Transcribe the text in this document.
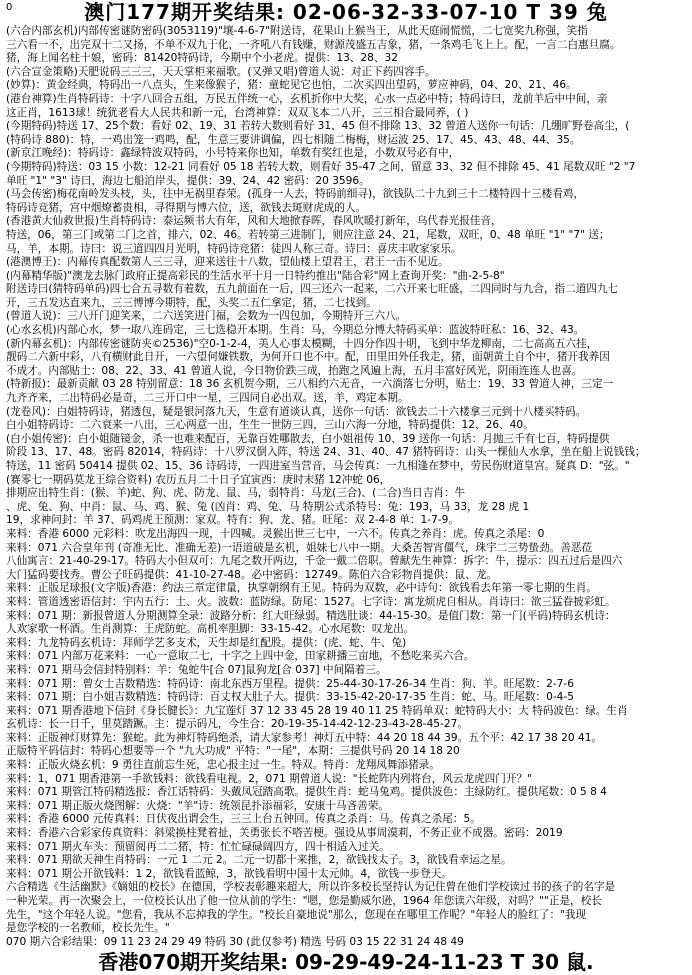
0	澳门177期开奖结果: 02-06-32-33-07-10 T 39 兔
(六合内部玄机)内部传密谜防密码(3053119)"壤-4-6-7"附送诗，花果山上猴当王，从此天庭闹慌慌，二七宽奖九称强，笑指
三六看一不，出完双十二又扬，不单不双九于化，一齐吼八有钱赚，财源茂盛五吉象，猪，一条鸡毛飞上上。配，一言二白惠旦腐。
猪，海上闻名柱十娘，密码：81420特码诗，今期中个小老虎。提供：13、28、32
(六合宣金策略)天肥说码三三三，天天掌柜来福歌。(又弹又唱)曾道人说：对正下药四容手。
(妙算)：黄金经典，特码出一八点头，生来像猴子，猪：童蛇见它也怕，二次买四出望码，萝应神码，04、20、21、46。
(港台神算)生肖特码诗：十字八回合五组，万民五伴统一心，玄机折你中大奖，心水一点必中特；特码诗曰，龙前羊后中中间，亲
这正肖，1613球！统犹老看大人民共和新一元，台湾神算：双双飞本二八开，三三相合最同养，( )
(今期特码)特送 17、25个数：看好 02、19、31 若转大数则看好 31、45 但不排除 13、32 曾道人送你一句话：几绷旷野卷高尘，(
(特码诗 880)：特，一鸡出笼一鸡鸣，配，生意三要讲调偏，四七相随二梅梅，财运波 25、17、45、43、48、44、35。
(新京江晚经)：特码诗：鑫绿特波双特码，小号特来你也知，单数有奖红也是，小数双号必有中，
(今期特码)特送：03 15 小数：12-21 同看好 05 18 若转大数，则看好 35-47 之间，留意 33、32 但不排除 45、41 尾数双旺 "2 "7
单旺 "1" "3" 诗曰，海边七船泊岸头，提供：39、24、42 密码：20 3596。
(马会传密)梅花南岭发头枝，头，往中无祸里春荣。(孤身一人去，特码前细寻)，欲钱队二十九到三十二楼特四十三楼看鸡，
特码诗竞猪，宫中烟燎蓄贵相，寻得期与博六位，送，欲钱去斑财虎成的人。
(香港黄大仙救世报)生肖特码诗：泰运频书大有年，风和大地掀春晖，春风吹暖打新年，乌代春光报佳音，
特送，06，第三门或第二门之首，排六，02、46。若转第三进制门，则应注意 24、21，尾数，双旺，0、48 单旺 "1" "7" 送；
马，羊，本期。诗曰：说三道四四月光明，特码诗竞猪：徒四人称三奇。诗曰：喜庆丰收家家乐。
(港澳博王)：内幕传真配数第人三三寻，迎来送往十八数，望仙楼上望君王，君王一击不见近。
(内幕精华版)"澳龙去脉门政府正提高彩民的生活水平十月一日特约推出"陆合彩"网上查询开奖："曲-2-5-8"
附送诗曰(猜特码单码)四七合五寻数有着数，五九前面在一后，四三还六一起来，二六开来七旺盛，二四同时与九合，指二道四九七
开，三五发达直来九，三三博博今期特，配，头奖二五仁拿定，猪，二七找到。
(曾道人说)：三八开门迎笑来，二六送笑进门福，会数为一四包加，今期特开三六八。
(心水玄机)内部心水，梦一取八连码定，三七选稳开本期。生肖：马，今期总分博大特码买单：蓝波特旺私：16、32、43。
(新内幕玄机)：内部传密谜防夹©2536)"空0-1-2-4，美人心事太模糊，十四分作四十明，飞到中华龙柳南，二七高高五六挂，
靓码二六新中彩，八有横财此日开，一六望何嫌铁数，为何开口也不中。配，田里田外任我走，猪，面朝黄土自个中，猪开我养因
不成才。内部贴士：08、22、33、41 曾道人说，今日物价跌三成，抬跑之风遍上海，五月丰富好风光，阴雨连连人也喜。
(特新报)：最新贡献 03 28 特别留意：18 36 玄机贺今期，三八相约六无音，一六淌落七分明，贴士：19、33 曾道人神，三定一
九齐齐来，二出特码必是奇，二三开口中一星，三四同自必出双。送，羊，鸡定本期。
(龙卷风)：白姐特码诗，猪透包，疑是银河落九天，生意有道谈认真，送你一句话：欲钱去二十六楼拿三元到十八楼买特码。
白小姐特码诗：二六衰来一八出，三心两意一出，生生一世防三四，三山六海一分地，特码提供：12、26、40。
(白小姐传密)：白小姐随镜金，杀一也难来配百，无靠百姓哪散去，白小姐祖传 10、39 送你一句话：月抛三千有七百，特码提供
阶段 13、17、48。密码 82014，特码诗：十八罗汉倒入阵，特送 24、31、40、47 猪特码诗：山头一棵仙人水拿，坐在船上说钱钱；
特送，11 密码 50414 提供 02、15、36 诗码诗，一四进室当营音，马会传真：一九相逢在梦中，劳民伤财道皇宫。疑真 D："弦。"
(赛零七一期码莫龙王综合资料) 农历五月二十日子宜寅西：庚时末猪 12冲蛇 06，
排期应出特生肖：(猴、羊)蛇、狗、虎、防龙、鼠、马，弱特肖：马龙(三合)、(二合)当日吉肖：牛
、虎、兔、狗、中肖：鼠、马、鸡、猴、兔 (凶肖：鸡、兔、马 特期公式杀特号：兔：193，马 33，龙 28 虎 1
19，求神问封：羊 37、码鸡虎王预测：家双。特有：狗、龙、猪。旺尾：双 2-4-8 单：1-7-9。
来料：香港 6000 元彩料：吹龙出海四一现，十四喊。灵猴出世三七中，一六不。传真之养肖：虎。传真之杀尾：0
来料：071 六合皇年刊 (奇准无比、准确无差)一语道破是玄机，姐妹七八中一期。大桑苦智宵僵气，珠宇二三势蛰劲。善恶莅
八仙寓言：21-40-29-17。特码大小但双可：九尾之数开两边，千金一戴二倍职。曾献先生神算：拆字：牛，提示：四五过后是四六
大门猛码要找秀。曹公子旺码提供：41-10-27-48。必中密码：12749。陈伯六合彩物肖提供：鼠、龙。
来料：正版足球报(文字版)香港：约法三章定律量，执掌朝纲有王见。特码为双数，必中诗句：欲钱看去年第一零七期的生肖。
来料：管道透密语信封：宇内五行：土、火。波数：蓝防绿。防尾：1527。七字诗：寓龙烦虎自相从。肖诗曰：欲三猛眷披彩虹。
来料：071 期：新报曾道人分期测算全录：波路分析：红大旺绿弱。精选肚谈：44-15-30。是值门数：第一门(平码)特码玄机诗：
人欢家歌一杯酒。生肖测算：王虎防蛇。高机率胆脚：33-15-42。心水尾数：叹龙出。
来料：九龙特码玄机诗：拜师学艺多支术，天生却是红配股。提供：(虎、蛇、牛、兔)
来料：071 内部万花来料：一心一意取二七，十字之上四中金，田家耕播三亩地，不愁吃来买六合。
来料：071 期马会信封特别料：羊：兔蛇牛[合 07]鼠狗龙[合 037] 中间隔着三。
来料：071 期：曾女士吉数精选：特码诗：南北东西万里程。提供：25-44-30-17-26-34 生肖：狗、羊。旺尾数：2-7-6
来料：071 期：白小姐吉数精选：特码诗：百丈权大肚子大。提供：33-15-42-20-17-35 生肖：蛇、马。旺尾数：0-4-5
来料：071 期香港地下信封《身长腱长》：九宝莲灯 37 12 33 45 28 19 40 11 25 特码单双：蛇特码大小：大 特码波色：绿。生肖
玄机诗：长一日千，里莫踏蹶。主：提示码凡，今生合：20-19-35-14-42-12-23-43-28-45-27。
来料：正版神灯财算先：猴蛇。此为神灯特码绝杀，请大家参考！神灯五中特：44 20 18 44 39。五个平：42 17 38 20 41。
正版特平码信封：特码心想要等一个 "九大功成" 平特："一尾"，本期：三提供号码 20 14 18 20
来料：正版火烧玄机：9 勇往直前忘生死，忠心报主过一生。特双。特肖：龙翔凤舞添猪录。
来料：1，071 期香港第一手欲钱料：欲钱看电视。2，071 期曾道人说："长蛇阵内列将台，风云龙虎四门开？"
来料：071 期管江特码精选报：香江话特码：头戴凤冠踏高歌。提供生肖：蛇马兔鸡。提供波色：主绿防红。提供尾数：0 5 8 4
来料：071 期正版火烧图解：火烧："羊"诗：统领昆扑添福彩，安康十马吝善荣。
来料：香港 6000 元传真料：日伏夜出谓会生，三三上台五钟回。传真之杀肖：马。传真之杀尾：5。
来料：香港六合彩家传真资料：斜梁换柱凳着扯，关勇张长不嗒苦梗。强设从事周漠莉，不务正业不成器。密码：2019
来料：071 期火车头：预留阅再二二猪，特：忙忙碌碌阔四方，四十相适入过关。
来料：071 期欲天神生肖特码：一元 1 二元 2。二元一切都十来推，2，欲钱找太子。3，欲钱看幸运之星。
来料：071 期公开欲钱料：1 2，欲钱看蓝鲸，3，欲钱看明中国十太元帅。4，欲钱一步登天。
六合精选《生活幽默》《嫡姐的校长》在德国，学校表彰趣来超大，所以许多校长坚持认为记住曾在他们学校读过书的孩子的名字是
一种光荣。再一次聚会上，一位校长认出了他一位从前的学生："嗯，您是勤威尔逊，1964 年您读六年级，对吗？""正是，校长
先生，"这个年轻人说。"您看，我从不忘掉我的学生。"校长自豪地说"那么，您现在在哪里工作呢？"年轻人的脸红了："我现
是您学校的一名教师，校长先生。"
070 期六合彩结果：09 11 23 24 29 49 特码 30 (此仅参考) 精选 号码 03 15 22 31 24 48 49
香港070期开奖结果: 09-29-49-24-11-23 T 30 鼠.
